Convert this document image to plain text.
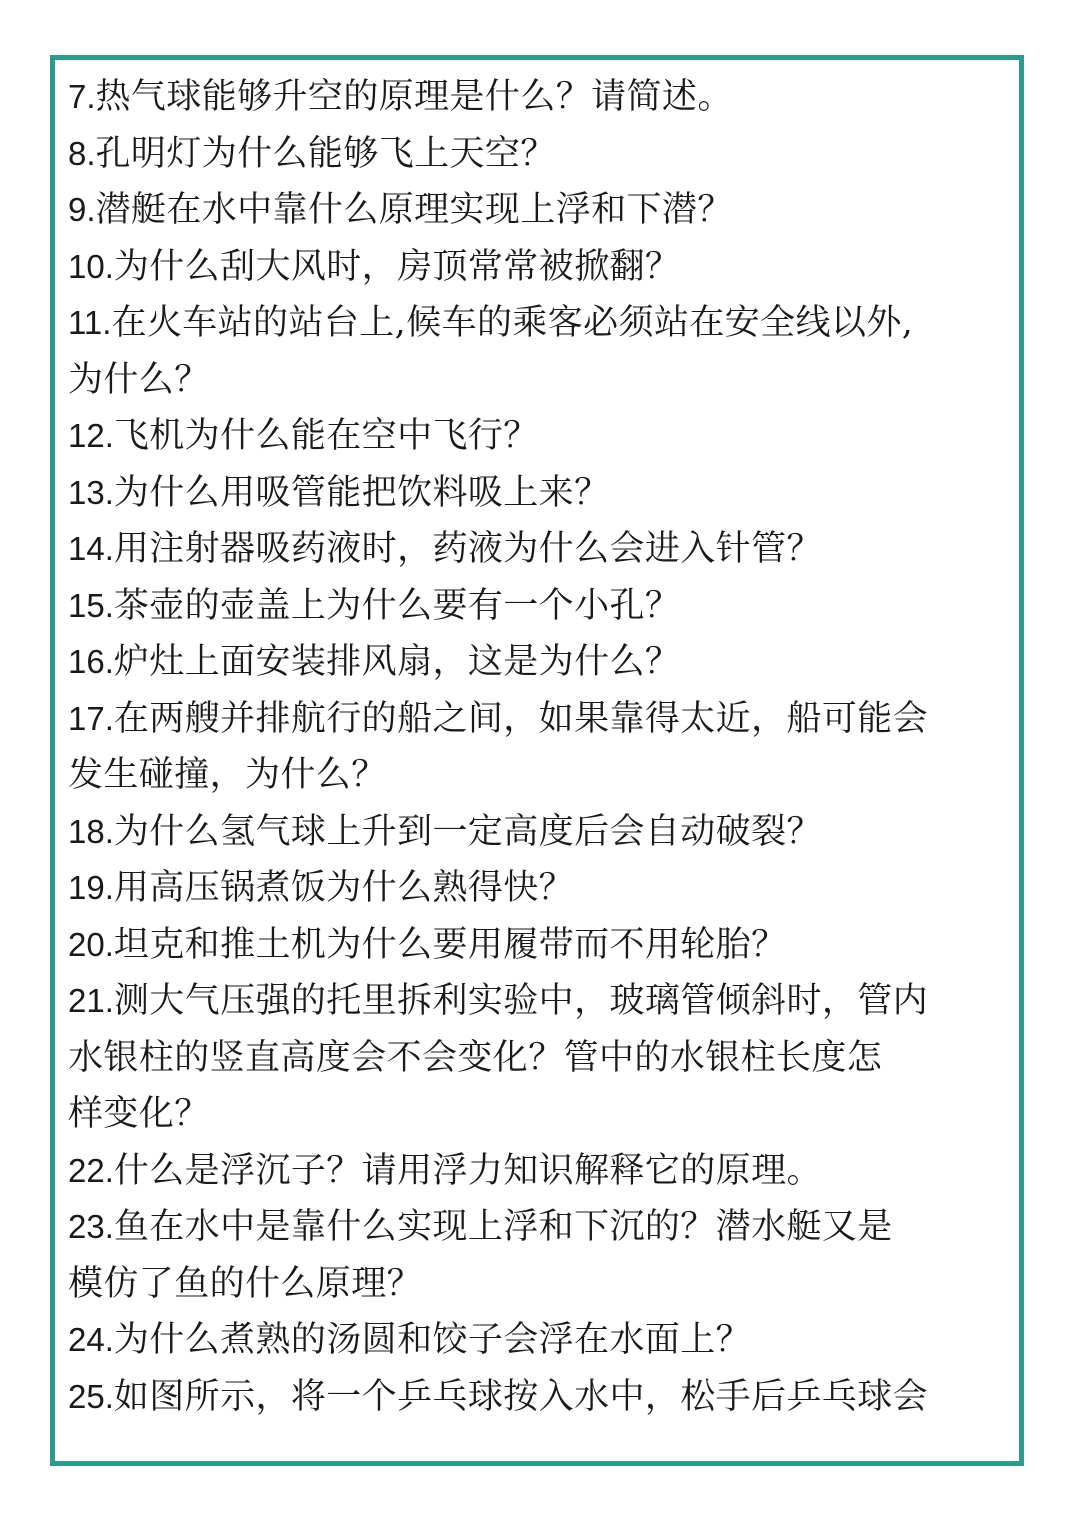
7.热气球能够升空的原理是什么？请简述。
8.孔明灯为什么能够飞上天空？
9.潜艇在水中靠什么原理实现上浮和下潜？
10.为什么刮大风时，房顶常常被掀翻？
11.在火车站的站台上,候车的乘客必须站在安全线以外,
为什么？
12.飞机为什么能在空中飞行？
13.为什么用吸管能把饮料吸上来？
14.用注射器吸药液时，药液为什么会进入针管？
15.茶壶的壶盖上为什么要有一个小孔？
16.炉灶上面安装排风扇，这是为什么？
17.在两艘并排航行的船之间，如果靠得太近，船可能会
发生碰撞，为什么？
18.为什么氢气球上升到一定高度后会自动破裂？
19.用高压锅煮饭为什么熟得快？
20.坦克和推土机为什么要用履带而不用轮胎？
21.测大气压强的托里拆利实验中，玻璃管倾斜时，管内
水银柱的竖直高度会不会变化？管中的水银柱长度怎
样变化？
22.什么是浮沉子？请用浮力知识解释它的原理。
23.鱼在水中是靠什么实现上浮和下沉的？潜水艇又是
模仿了鱼的什么原理？
24.为什么煮熟的汤圆和饺子会浮在水面上？
25.如图所示，将一个乒乓球按入水中，松手后乒乓球会
